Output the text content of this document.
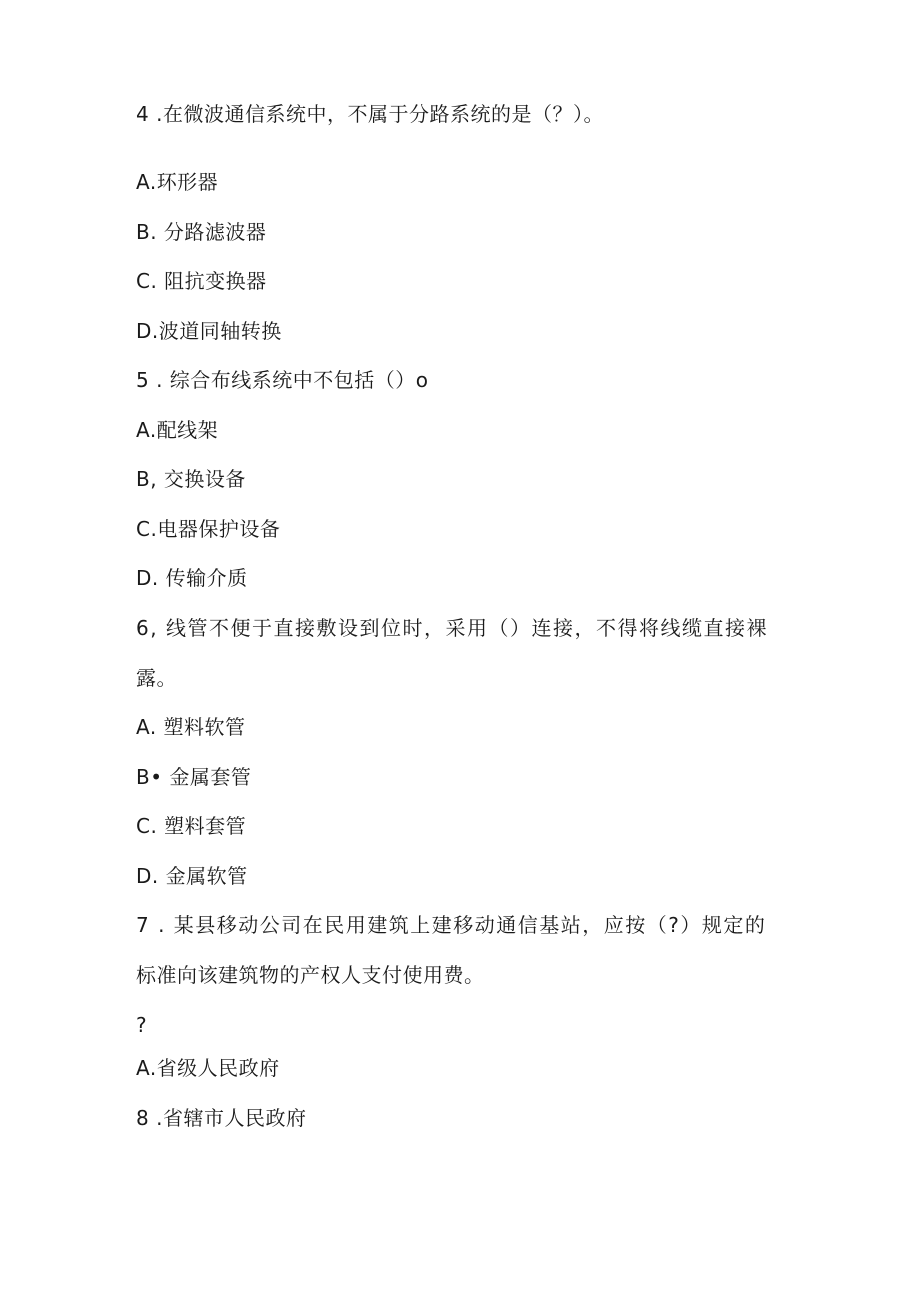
4 .在微波通信系统中，不属于分路系统的是（？）。
A.环形器
B. 分路滤波器
C. 阻抗变换器
D.波道同轴转换
5 . 综合布线系统中不包括（）o
A.配线架
B, 交换设备
C.电器保护设备
D. 传输介质
6, 线管不便于直接敷设到位时，采用（）连接，不得将线缆直接裸
露。
A. 塑料软管
B• 金属套管
C. 塑料套管
D. 金属软管
7 . 某县移动公司在民用建筑上建移动通信基站，应按（?）规定的
标准向该建筑物的产权人支付使用费。
?
A.省级人民政府
8 .省辖市人民政府
